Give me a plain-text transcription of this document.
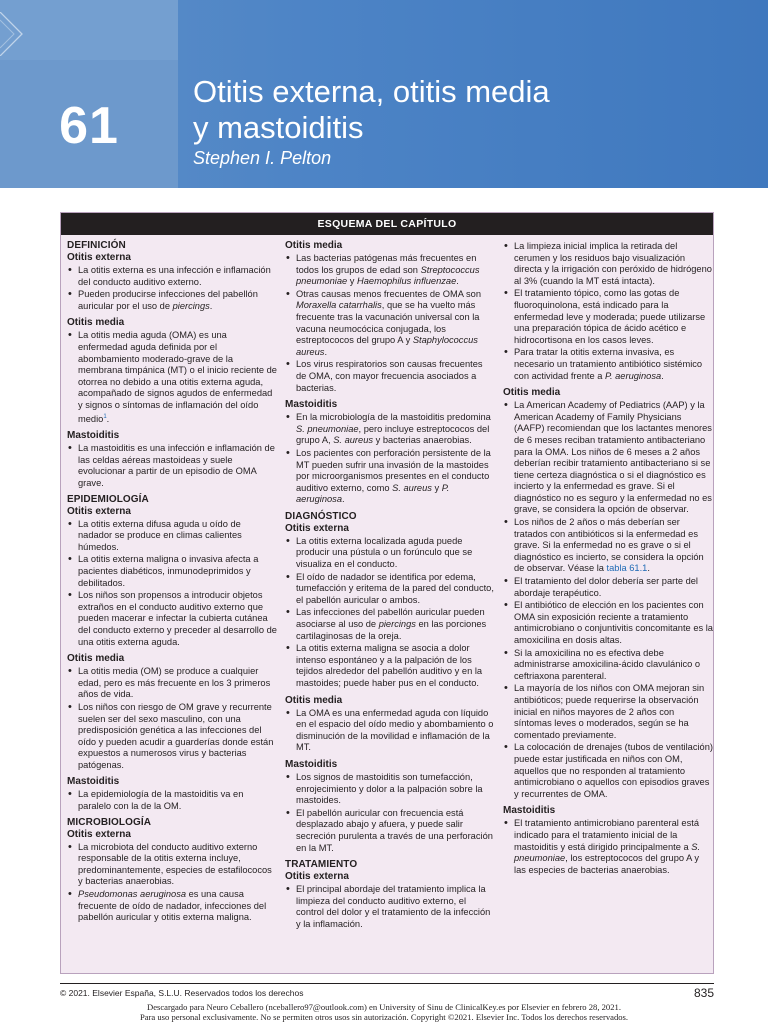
61
Otitis externa, otitis media
y mastoiditis
Stephen I. Pelton
ESQUEMA DEL CAPÍTULO
DEFINICIÓN
Otitis externa
• La otitis externa es una infección e inflamación del conducto auditivo externo.
• Pueden producirse infecciones del pabellón auricular por el uso de piercings.
Otitis media
• La otitis media aguda (OMA) es una enfermedad aguda definida por el abombamiento moderado-grave de la membrana timpánica (MT) o el inicio reciente de otorrea no debido a una otitis externa aguda, acompañado de signos agudos de enfermedad y signos o síntomas de inflamación del oído medio$^1$.
Mastoiditis
• La mastoiditis es una infección e inflamación de las celdas aéreas mastoideas y suele evolucionar a partir de un episodio de OMA grave.
EPIDEMIOLOGÍA
Otitis externa
• La otitis externa difusa aguda u oído de nadador se produce en climas calientes húmedos.
• La otitis externa maligna o invasiva afecta a pacientes diabéticos, inmunodeprimidos y debilitados.
• Los niños son propensos a introducir objetos extraños en el conducto auditivo externo que pueden macerar e infectar la cubierta cutánea del conducto externo y preceder al desarrollo de una otitis externa aguda.
Otitis media
• La otitis media (OM) se produce a cualquier edad, pero es más frecuente en los 3 primeros años de vida.
• Los niños con riesgo de OM grave y recurrente suelen ser del sexo masculino, con una predisposición genética a las infecciones del oído y pueden acudir a guarderías donde están expuestos a numerosos virus y bacterias patógenas.
Mastoiditis
• La epidemiología de la mastoiditis va en paralelo con la de la OM.
MICROBIOLOGÍA
Otitis externa
• La microbiota del conducto auditivo externo responsable de la otitis externa incluye, predominantemente, especies de estafilococos y bacterias anaerobias.
• Pseudomonas aeruginosa es una causa frecuente de oído de nadador, infecciones del pabellón auricular y otitis externa maligna.
Otitis media
• Las bacterias patógenas más frecuentes en todos los grupos de edad son Streptococcus pneumoniae y Haemophilus influenzae.
• Otras causas menos frecuentes de OMA son Moraxella catarrhalis, que se ha vuelto más frecuente tras la vacunación universal con la vacuna neumocócica conjugada, los estreptococos del grupo A y Staphylococcus aureus.
• Los virus respiratorios son causas frecuentes de OMA, con mayor frecuencia asociados a bacterias.
Mastoiditis
• En la microbiología de la mastoiditis predomina S. pneumoniae, pero incluye estreptococos del grupo A, S. aureus y bacterias anaerobias.
• Los pacientes con perforación persistente de la MT pueden sufrir una invasión de la mastoides por microorganismos presentes en el conducto auditivo externo, como S. aureus y P. aeruginosa.
DIAGNÓSTICO
Otitis externa
• La otitis externa localizada aguda puede producir una pústula o un forúnculo que se visualiza en el conducto.
• El oído de nadador se identifica por edema, tumefacción y eritema de la pared del conducto, el pabellón auricular o ambos.
• Las infecciones del pabellón auricular pueden asociarse al uso de piercings en las porciones cartilaginosas de la oreja.
• La otitis externa maligna se asocia a dolor intenso espontáneo y a la palpación de los tejidos alrededor del pabellón auditivo y en la mastoides; puede haber pus en el conducto.
Otitis media
• La OMA es una enfermedad aguda con líquido en el espacio del oído medio y abombamiento o disminución de la movilidad e inflamación de la MT.
Mastoiditis
• Los signos de mastoiditis son tumefacción, enrojecimiento y dolor a la palpación sobre la mastoides.
• El pabellón auricular con frecuencia está desplazado abajo y afuera, y puede salir secreción purulenta a través de una perforación en la MT.
TRATAMIENTO
Otitis externa
• El principal abordaje del tratamiento implica la limpieza del conducto auditivo externo, el control del dolor y el tratamiento de la infección y la inflamación.
• La limpieza inicial implica la retirada del cerumen y los residuos bajo visualización directa y la irrigación con peróxido de hidrógeno al 3% (cuando la MT está intacta).
• El tratamiento tópico, como las gotas de fluoroquinolona, está indicado para la enfermedad leve y moderada; puede utilizarse una preparación tópica de ácido acético e hidrocortisona en los casos leves.
• Para tratar la otitis externa invasiva, es necesario un tratamiento antibiótico sistémico con actividad frente a P. aeruginosa.
Otitis media
• La American Academy of Pediatrics (AAP) y la American Academy of Family Physicians (AAFP) recomiendan que los lactantes menores de 6 meses reciban tratamiento antibacteriano para la OMA. Los niños de 6 meses a 2 años deberían recibir tratamiento antibacteriano si se tiene certeza diagnóstica o si el diagnóstico es incierto y la enfermedad es grave. Si el diagnóstico no es seguro y la enfermedad no es grave, se considera la opción de observar.
• Los niños de 2 años o más deberían ser tratados con antibióticos si la enfermedad es grave. Si la enfermedad no es grave o si el diagnóstico es incierto, se considera la opción de observar. Véase la tabla 61.1.
• El tratamiento del dolor debería ser parte del abordaje terapéutico.
• El antibiótico de elección en los pacientes con OMA sin exposición reciente a tratamiento antimicrobiano o conjuntivitis concomitante es la amoxicilina en dosis altas.
• Si la amoxicilina no es efectiva debe administrarse amoxicilina-ácido clavulánico o ceftriaxona parenteral.
• La mayoría de los niños con OMA mejoran sin antibióticos; puede requerirse la observación inicial en niños mayores de 2 años con síntomas leves o moderados, según se ha comentado previamente.
• La colocación de drenajes (tubos de ventilación) puede estar justificada en niños con OM, aquellos que no responden al tratamiento antimicrobiano o aquellos con episodios graves y recurrentes de OMA.
Mastoiditis
• El tratamiento antimicrobiano parenteral está indicado para el tratamiento inicial de la mastoiditis y está dirigido principalmente a S. pneumoniae, los estreptococos del grupo A y las especies de bacterias anaerobias.
© 2021. Elsevier España, S.L.U. Reservados todos los derechos	835
Descargado para Neuro Ceballero (nceballero97@outlook.com) en University of Sinu de ClinicalKey.es por Elsevier en febrero 28, 2021.
Para uso personal exclusivamente. No se permiten otros usos sin autorización. Copyright ©2021. Elsevier Inc. Todos los derechos reservados.
